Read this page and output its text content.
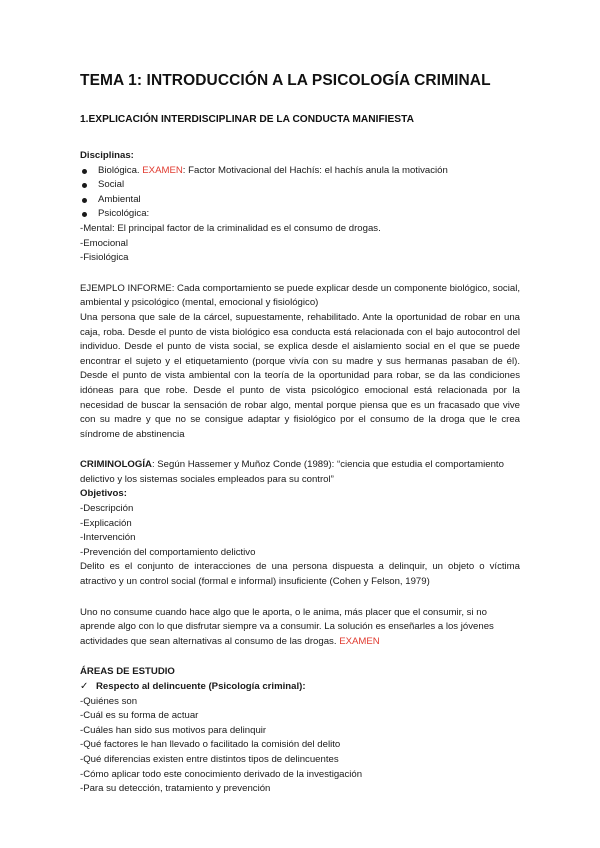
TEMA 1: INTRODUCCIÓN A LA PSICOLOGÍA CRIMINAL
1.EXPLICACIÓN INTERDISCIPLINAR DE LA CONDUCTA MANIFIESTA

Disciplinas:

Biológica. EXAMEN: Factor Motivacional del Hachís: el hachís anula la motivación
Social
Ambiental
Psicológica:

-Mental: El principal factor de la criminalidad es el consumo de drogas.

-Emocional

-Fisiológica

EJEMPLO INFORME: Cada comportamiento se puede explicar desde un componente biológico, social, ambiental y psicológico (mental, emocional y fisiológico)

Una persona que sale de la cárcel, supuestamente, rehabilitado. Ante la oportunidad de robar en una caja, roba. Desde el punto de vista biológico esa conducta está relacionada con el bajo autocontrol del individuo. Desde el punto de vista social, se explica desde el aislamiento social en el que se puede encontrar el sujeto y el etiquetamiento (porque vivía con su madre y sus hermanas pasaban de él). Desde el punto de vista ambiental con la teoría de la oportunidad para robar, se da las condiciones idóneas para que robe. Desde el punto de vista psicológico emocional está relacionada por la necesidad de buscar la sensación de robar algo, mental porque piensa que es un fracasado que vive con su madre y que no se consigue adaptar y fisiológico por el consumo de la droga que le crea síndrome de abstinencia

CRIMINOLOGÍA: Según Hassemer y Muñoz Conde (1989): “ciencia que estudia el comportamiento delictivo y los sistemas sociales empleados para su control”

Objetivos:

-Descripción

-Explicación

-Intervención

-Prevención del comportamiento delictivo

Delito es el conjunto de interacciones de una persona dispuesta a delinquir, un objeto o víctima atractivo y un control social (formal e informal) insuficiente (Cohen y Felson, 1979)

Uno no consume cuando hace algo que le aporta, o le anima, más placer que el consumir, si no aprende algo con lo que disfrutar siempre va a consumir. La solución es enseñarles a los jóvenes actividades que sean alternativas al consumo de las drogas. EXAMEN

ÁREAS DE ESTUDIO

✓ Respecto al delincuente (Psicología criminal):

-Quiénes son

-Cuál es su forma de actuar

-Cuáles han sido sus motivos para delinquir

-Qué factores le han llevado o facilitado la comisión del delito

-Qué diferencias existen entre distintos tipos de delincuentes

-Cómo aplicar todo este conocimiento derivado de la investigación

-Para su detección, tratamiento y prevención
